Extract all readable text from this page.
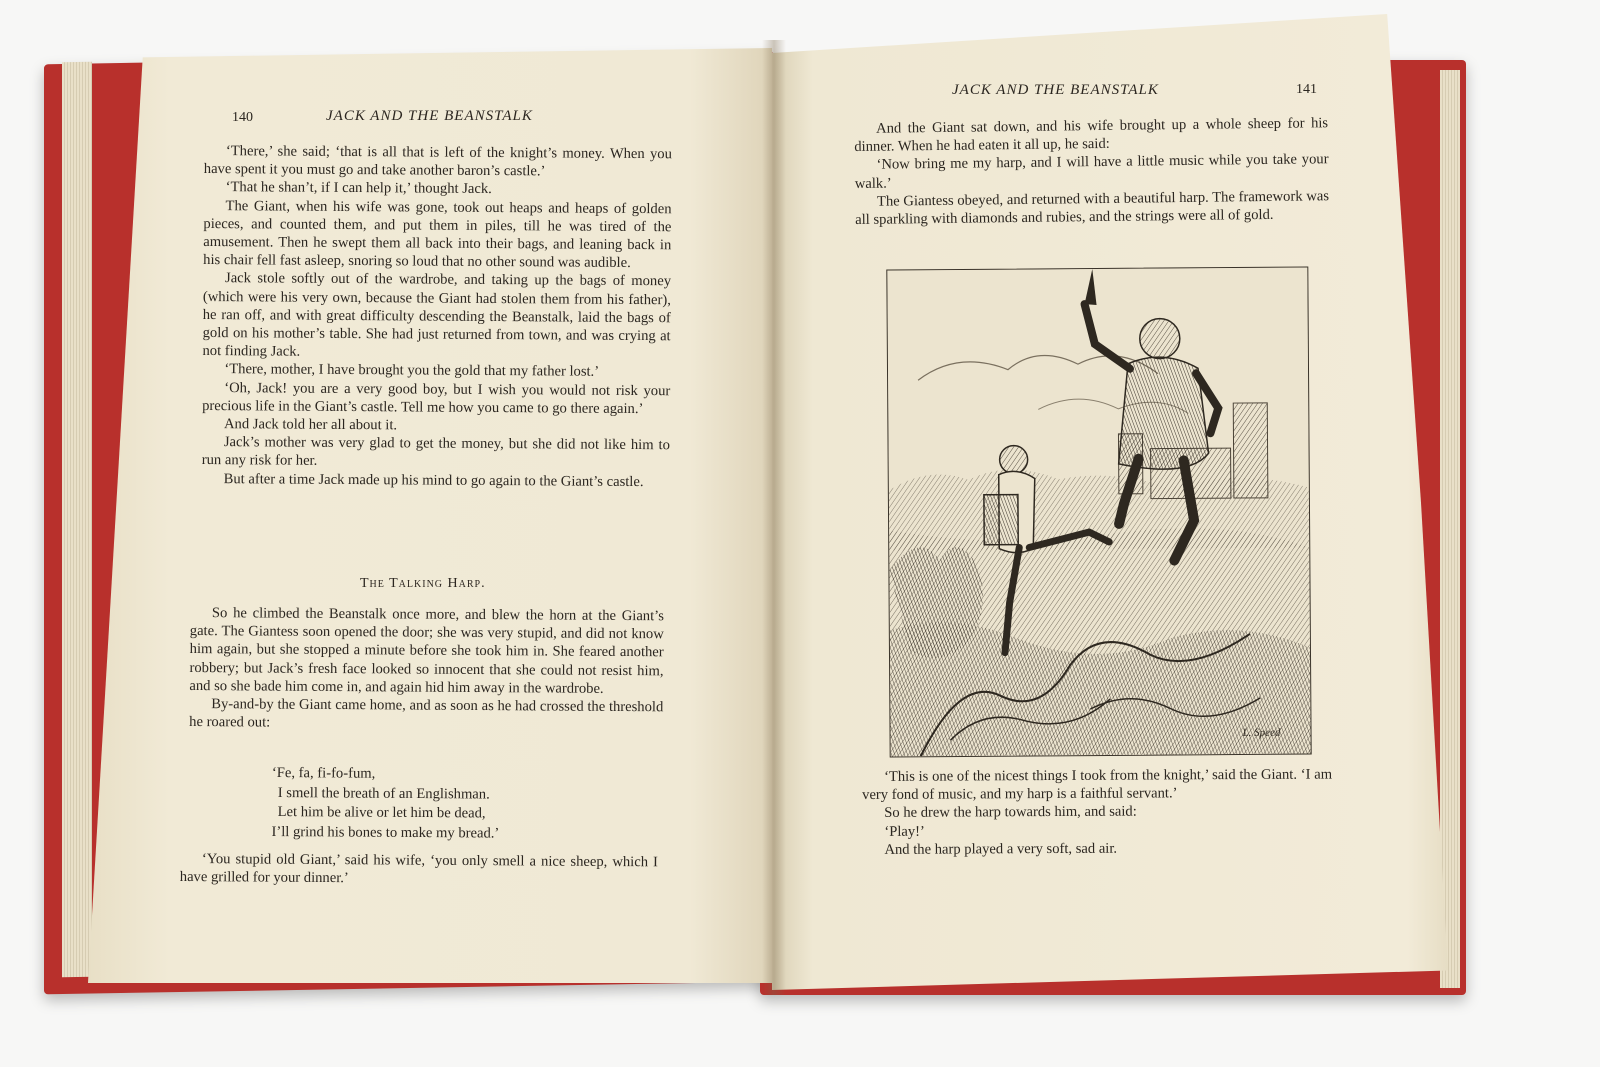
140	JACK AND THE BEANSTALK

‘There,’ she said; ‘that is all that is left of the knight’s money. When you have spent it you must go and take another baron’s castle.’

‘That he shan’t, if I can help it,’ thought Jack.

The Giant, when his wife was gone, took out heaps and heaps of golden pieces, and counted them, and put them in piles, till he was tired of the amusement. Then he swept them all back into their bags, and leaning back in his chair fell fast asleep, snoring so loud that no other sound was audible.

Jack stole softly out of the wardrobe, and taking up the bags of money (which were his very own, because the Giant had stolen them from his father), he ran off, and with great difficulty descending the Beanstalk, laid the bags of gold on his mother’s table. She had just returned from town, and was crying at not finding Jack.

‘There, mother, I have brought you the gold that my father lost.’

‘Oh, Jack! you are a very good boy, but I wish you would not risk your precious life in the Giant’s castle. Tell me how you came to go there again.’

And Jack told her all about it.

Jack’s mother was very glad to get the money, but she did not like him to run any risk for her.

But after a time Jack made up his mind to go again to the Giant’s castle.

The Talking Harp.

So he climbed the Beanstalk once more, and blew the horn at the Giant’s gate. The Giantess soon opened the door; she was very stupid, and did not know him again, but she stopped a minute before she took him in. She feared another robbery; but Jack’s fresh face looked so innocent that she could not resist him, and so she bade him come in, and again hid him away in the wardrobe.

By-and-by the Giant came home, and as soon as he had crossed the threshold he roared out:

‘Fe, fa, fi-fo-fum,

I smell the breath of an Englishman.

Let him be alive or let him be dead,

I’ll grind his bones to make my bread.’

‘You stupid old Giant,’ said his wife, ‘you only smell a nice sheep, which I have grilled for your dinner.’

JACK AND THE BEANSTALK	141

And the Giant sat down, and his wife brought up a whole sheep for his dinner. When he had eaten it all up, he said:

‘Now bring me my harp, and I will have a little music while you take your walk.’

The Giantess obeyed, and returned with a beautiful harp. The framework was all sparkling with diamonds and rubies, and the strings were all of gold.

L. Speed

‘This is one of the nicest things I took from the knight,’ said the Giant. ‘I am very fond of music, and my harp is a faithful servant.’

So he drew the harp towards him, and said:

‘Play!’

And the harp played a very soft, sad air.
